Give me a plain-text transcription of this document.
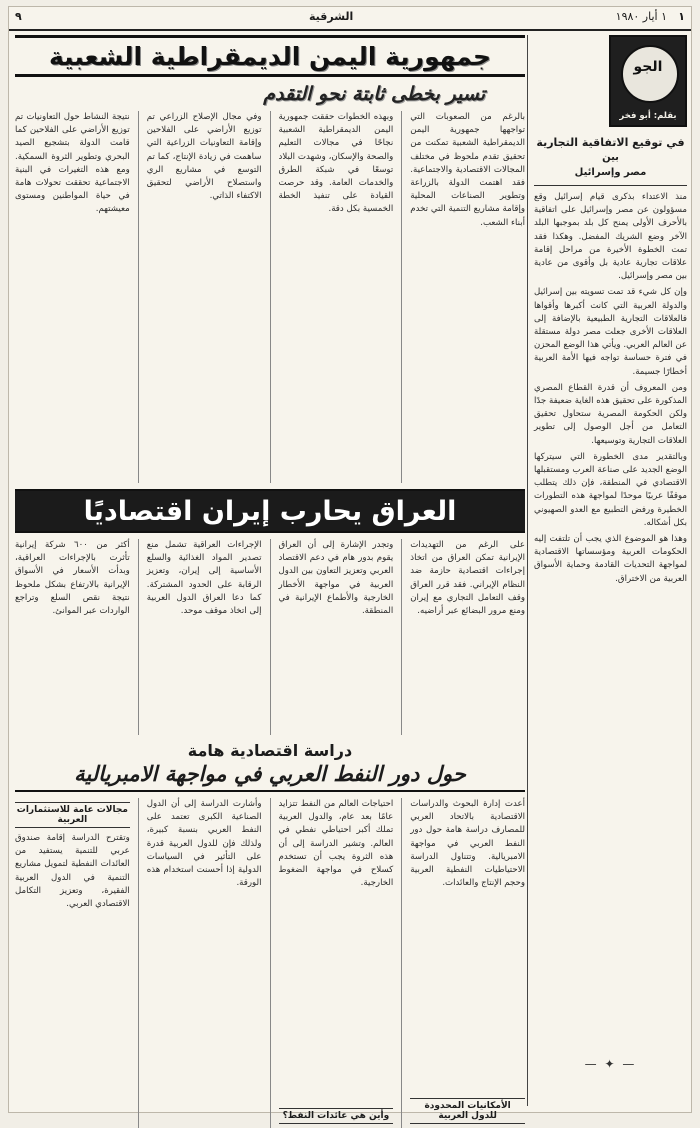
١
١ أيار ١٩٨٠
الشرقية
٩
الجو
بقلم: أبو فخر
في توقيع الاتفاقية التجارية
بين
مصر وإسرائيل

منذ الاعتداء بذكرى قيام إسرائيل وقع مسؤولون عن مصر وإسرائيل على اتفاقية بالأحرف الأولى يمنح كل بلد بموجبها البلد الآخر وضع الشريك المفضل. وهكذا فقد تمت الخطوة الأخيرة من مراحل إقامة علاقات تجارية عادية بل وأقوى من عادية بين مصر وإسرائيل.

وإن كل شيء قد تمت تسويته بين إسرائيل والدولة العربية التي كانت أكبرها وأقواها فالعلاقات التجارية الطبيعية بالإضافة إلى العلاقات الأخرى جعلت مصر دولة مستقلة عن العالم العربي. ويأتي هذا الوضع المحزن في فترة حساسة تواجه فيها الأمة العربية أخطارًا جسيمة.

ومن المعروف أن قدرة القطاع المصري المذكورة على تحقيق هذه الغاية ضعيفة جدًا ولكن الحكومة المصرية ستحاول تحقيق التعامل من أجل الوصول إلى تطوير العلاقات التجارية وتوسيعها.

وبالتقدير مدى الخطورة التي سيتركها الوضع الجديد على صناعة العرب ومستقبلها الاقتصادي في المنطقة، فإن ذلك يتطلب موقفًا عربيًا موحدًا لمواجهة هذه التطورات الخطيرة ورفض التطبيع مع العدو الصهيوني بكل أشكاله.

وهذا هو الموضوع الذي يجب أن تلتفت إليه الحكومات العربية ومؤسساتها الاقتصادية لمواجهة التحديات القادمة وحماية الأسواق العربية من الاختراق.

— ✦ —
جمهورية اليمن الديمقراطية الشعبية
تسير بخطى ثابتة نحو التقدم
بالرغم من الصعوبات التي تواجهها جمهورية اليمن الديمقراطية الشعبية تمكنت من تحقيق تقدم ملحوظ في مختلف المجالات الاقتصادية والاجتماعية. فقد اهتمت الدولة بالزراعة وتطوير الصناعات المحلية وإقامة مشاريع التنمية التي تخدم أبناء الشعب.
وبهذه الخطوات حققت جمهورية اليمن الديمقراطية الشعبية نجاحًا في مجالات التعليم والصحة والإسكان، وشهدت البلاد توسعًا في شبكة الطرق والخدمات العامة. وقد حرصت القيادة على تنفيذ الخطة الخمسية بكل دقة.
وفي مجال الإصلاح الزراعي تم توزيع الأراضي على الفلاحين وإقامة التعاونيات الزراعية التي ساهمت في زيادة الإنتاج، كما تم التوسع في مشاريع الري واستصلاح الأراضي لتحقيق الاكتفاء الذاتي.
نتيجة النشاط حول التعاونيات تم توزيع الأراضي على الفلاحين كما قامت الدولة بتشجيع الصيد البحري وتطوير الثروة السمكية. ومع هذه التغيرات في البنية الاجتماعية تحققت تحولات هامة في حياة المواطنين ومستوى معيشتهم.
العراق يحارب إيران اقتصاديًا
على الرغم من التهديدات الإيرانية تمكن العراق من اتخاذ إجراءات اقتصادية حازمة ضد النظام الإيراني. فقد قرر العراق وقف التعامل التجاري مع إيران ومنع مرور البضائع عبر أراضيه.
وتجدر الإشارة إلى أن العراق يقوم بدور هام في دعم الاقتصاد العربي وتعزيز التعاون بين الدول العربية في مواجهة الأخطار الخارجية والأطماع الإيرانية في المنطقة.
الإجراءات العراقية تشمل منع تصدير المواد الغذائية والسلع الأساسية إلى إيران، وتعزيز الرقابة على الحدود المشتركة. كما دعا العراق الدول العربية إلى اتخاذ موقف موحد.
أكثر من ٦٠٠ شركة إيرانية تأثرت بالإجراءات العراقية، وبدأت الأسعار في الأسواق الإيرانية بالارتفاع بشكل ملحوظ نتيجة نقص السلع وتراجع الواردات عبر الموانئ.
دراسة اقتصادية هامة
حول دور النفط العربي في مواجهة الامبريالية
أعدت إدارة البحوث والدراسات الاقتصادية بالاتحاد العربي للمصارف دراسة هامة حول دور النفط العربي في مواجهة الامبريالية. وتتناول الدراسة الاحتياطيات النفطية العربية وحجم الإنتاج والعائدات.
الأمكانيات المحدودة للدول العربية
احتياجات العالم من النفط تتزايد عامًا بعد عام، والدول العربية تملك أكبر احتياطي نفطي في العالم. وتشير الدراسة إلى أن هذه الثروة يجب أن تستخدم كسلاح في مواجهة الضغوط الخارجية.
وأين هي عائدات النفط؟
وأشارت الدراسة إلى أن الدول الصناعية الكبرى تعتمد على النفط العربي بنسبة كبيرة، ولذلك فإن للدول العربية قدرة على التأثير في السياسات الدولية إذا أحسنت استخدام هذه الورقة.
مجالات عامة للاستثمارات العربية
وتقترح الدراسة إقامة صندوق عربي للتنمية يستفيد من العائدات النفطية لتمويل مشاريع التنمية في الدول العربية الفقيرة، وتعزيز التكامل الاقتصادي العربي.
